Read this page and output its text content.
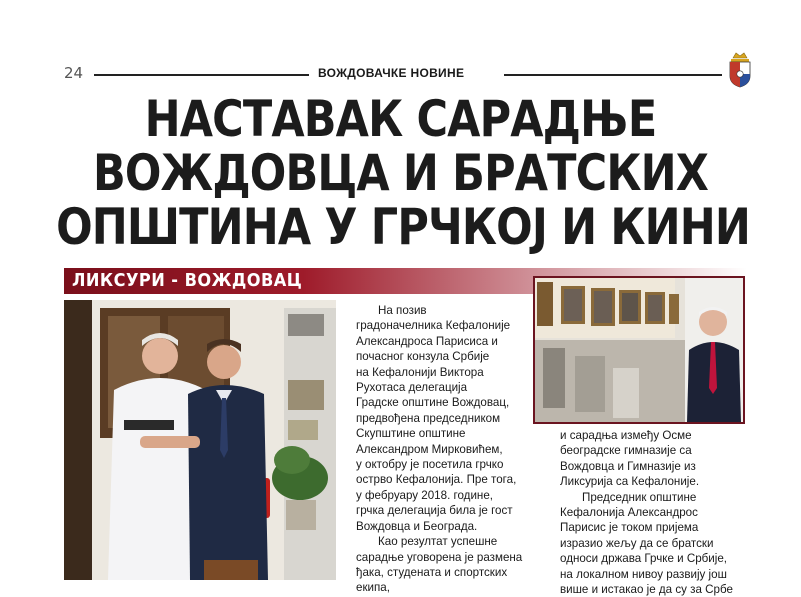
24	ВОЖДОВАЧКЕ НОВИНЕ
НАСТАВАК САРАДЊЕ
ВОЖДОВЦА И БРАТСКИХ
ОПШТИНА У ГРЧКОЈ И КИНИ
ЛИКСУРИ - ВОЖДОВАЦ

На позив

градоначелника Кефалоније

Александроса Парисиса и

почасног конзула Србије

на Кефалонији Виктора

Рухотаса делегација

Градске општине Вождовац,

предвођена председником

Скупштине општине

Александром Мирковићем,

у октобру је посетила грчко

острво Кефалонија. Пре тога,

у фебруару 2018. године,

грчка делегација била је гост

Вождовца и Београда.

Као резултат успешне

сарадње уговорена је размена

ђака, студената и спортских

екипа,

и сарадња између Осме

београдске гимназије са

Вождовца и Гимназије из

Ликсурија са Кефалоније.

Председник општине

Кефалонија Александрос

Парисис је током пријема

изразио жељу да се братски

односи држава Грчке и Србије,

на локалном нивоу развију још

више и истакао је да су за Србе
